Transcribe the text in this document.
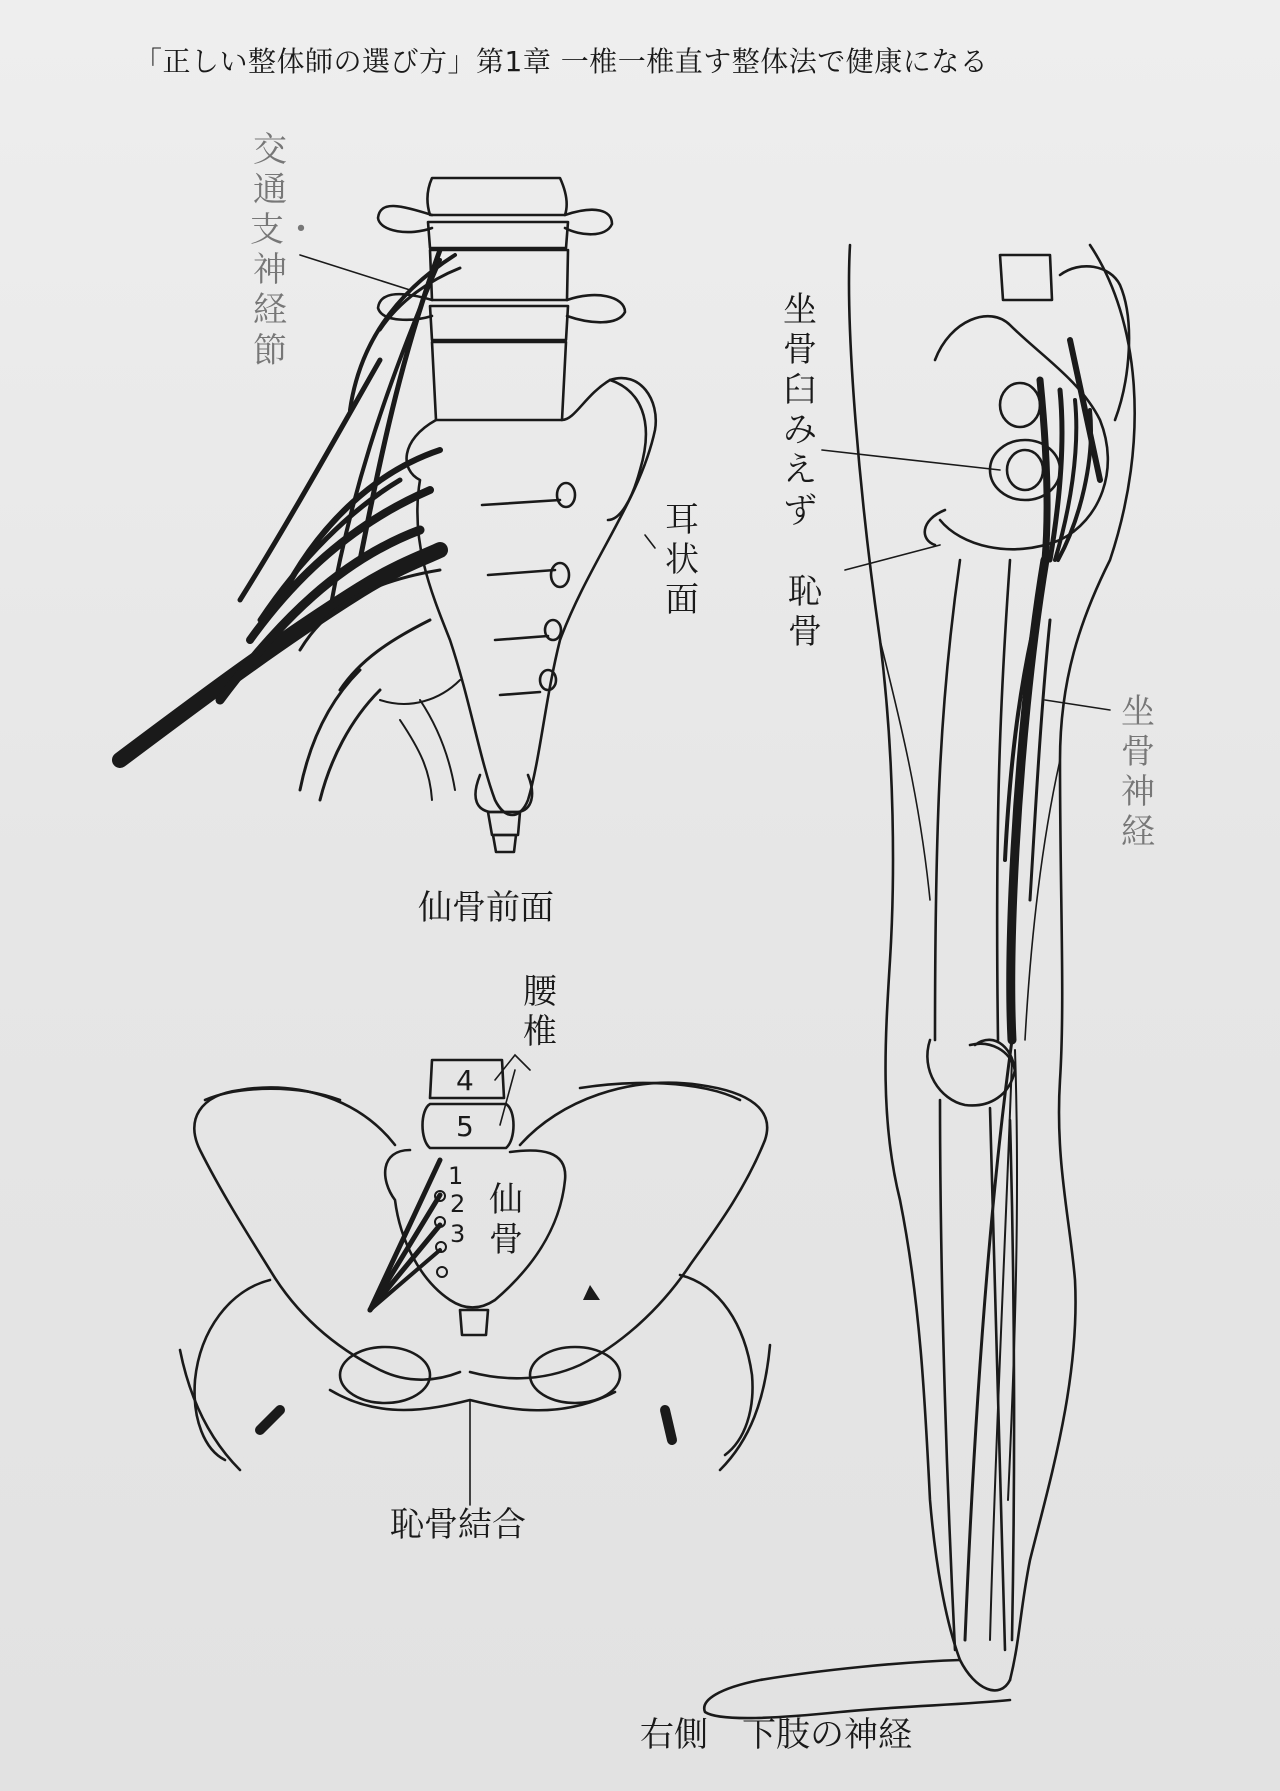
「正しい整体師の選び方」第1章 一椎一椎直す整体法で健康になる
交通支・神経節
耳状面
仙骨前面
腰椎
4
5
1
2
3
仙骨
恥骨結合
坐骨臼みえず
恥骨
坐骨神経
右側　下肢の神経
